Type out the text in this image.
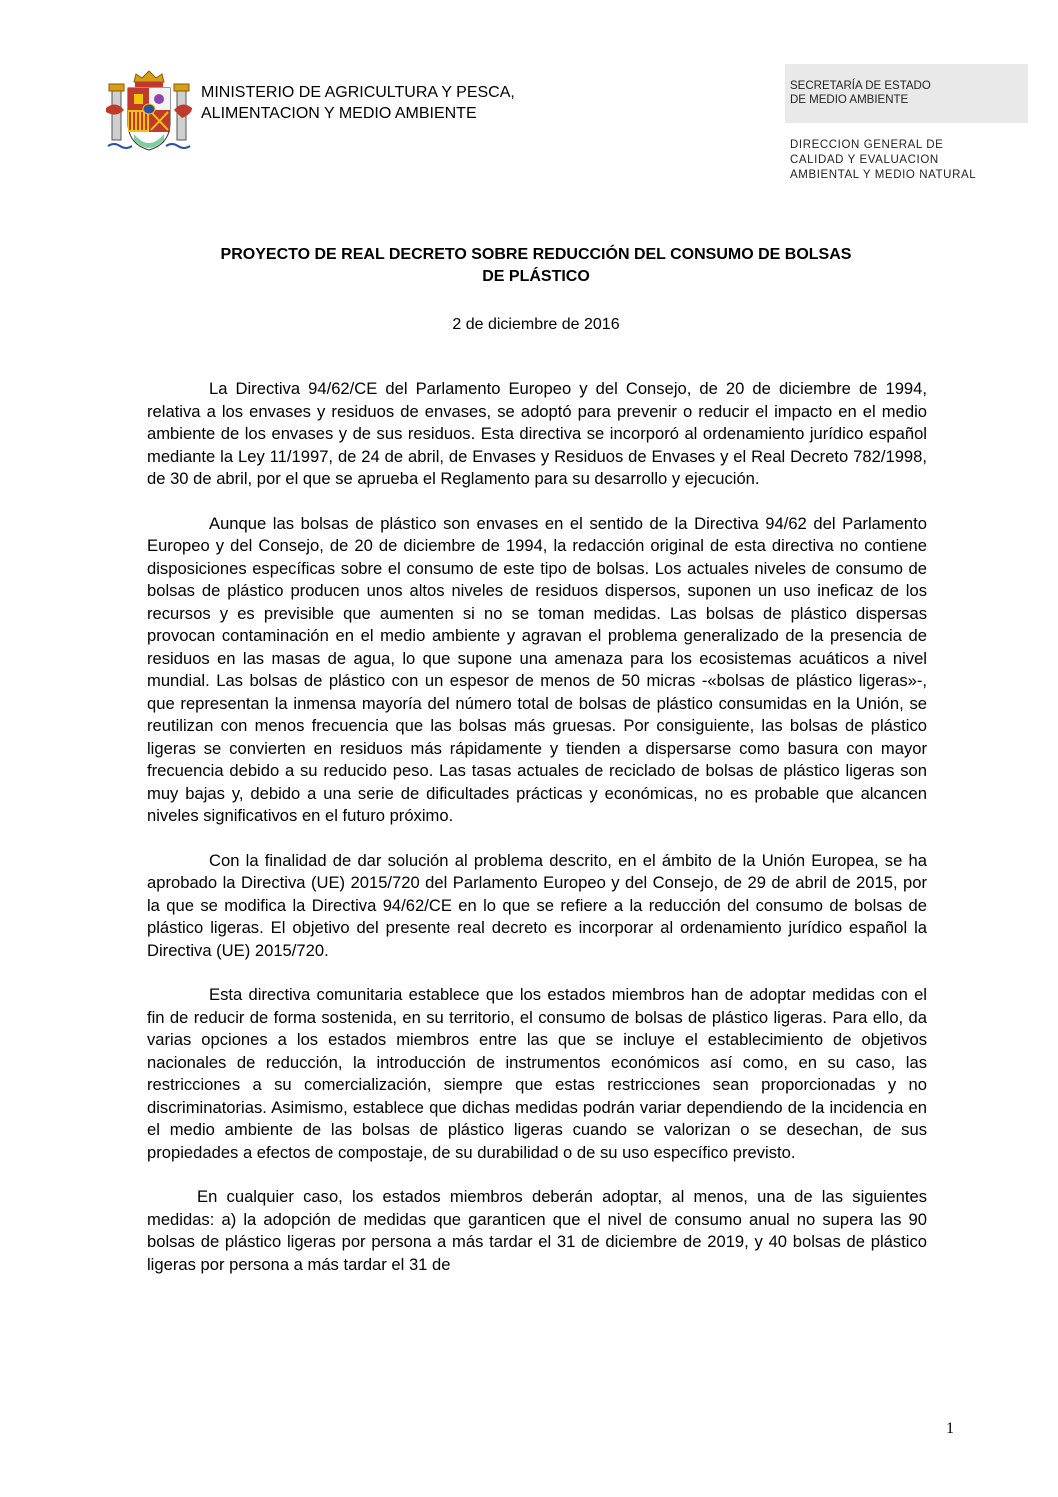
MINISTERIO DE AGRICULTURA Y PESCA,
ALIMENTACION Y MEDIO AMBIENTE
SECRETARÍA DE ESTADO
DE MEDIO AMBIENTE
DIRECCION GENERAL DE
CALIDAD Y EVALUACION
AMBIENTAL Y MEDIO NATURAL
PROYECTO DE REAL DECRETO SOBRE REDUCCIÓN DEL CONSUMO DE BOLSAS
DE PLÁSTICO
2 de diciembre de 2016

La Directiva 94/62/CE del Parlamento Europeo y del Consejo, de 20 de diciembre de 1994, relativa a los envases y residuos de envases, se adoptó para prevenir o reducir el impacto en el medio ambiente de los envases y de sus residuos. Esta directiva se incorporó al ordenamiento jurídico español mediante la Ley 11/1997, de 24 de abril, de Envases y Residuos de Envases y el Real Decreto 782/1998, de 30 de abril, por el que se aprueba el Reglamento para su desarrollo y ejecución.

Aunque las bolsas de plástico son envases en el sentido de la Directiva 94/62 del Parlamento Europeo y del Consejo, de 20 de diciembre de 1994, la redacción original de esta directiva no contiene disposiciones específicas sobre el consumo de este tipo de bolsas. Los actuales niveles de consumo de bolsas de plástico producen unos altos niveles de residuos dispersos, suponen un uso ineficaz de los recursos y es previsible que aumenten si no se toman medidas. Las bolsas de plástico dispersas provocan contaminación en el medio ambiente y agravan el problema generalizado de la presencia de residuos en las masas de agua, lo que supone una amenaza para los ecosistemas acuáticos a nivel mundial. Las bolsas de plástico con un espesor de menos de 50 micras -«bolsas de plástico ligeras»-, que representan la inmensa mayoría del número total de bolsas de plástico consumidas en la Unión, se reutilizan con menos frecuencia que las bolsas más gruesas. Por consiguiente, las bolsas de plástico ligeras se convierten en residuos más rápidamente y tienden a dispersarse como basura con mayor frecuencia debido a su reducido peso. Las tasas actuales de reciclado de bolsas de plástico ligeras son muy bajas y, debido a una serie de dificultades prácticas y económicas, no es probable que alcancen niveles significativos en el futuro próximo.

Con la finalidad de dar solución al problema descrito, en el ámbito de la Unión Europea, se ha aprobado la Directiva (UE) 2015/720 del Parlamento Europeo y del Consejo, de 29 de abril de 2015, por la que se modifica la Directiva 94/62/CE en lo que se refiere a la reducción del consumo de bolsas de plástico ligeras. El objetivo del presente real decreto es incorporar al ordenamiento jurídico español la Directiva (UE) 2015/720.

Esta directiva comunitaria establece que los estados miembros han de adoptar medidas con el fin de reducir de forma sostenida, en su territorio, el consumo de bolsas de plástico ligeras. Para ello, da varias opciones a los estados miembros entre las que se incluye el establecimiento de objetivos nacionales de reducción, la introducción de instrumentos económicos así como, en su caso, las restricciones a su comercialización, siempre que estas restricciones sean proporcionadas y no discriminatorias. Asimismo, establece que dichas medidas podrán variar dependiendo de la incidencia en el medio ambiente de las bolsas de plástico ligeras cuando se valorizan o se desechan, de sus propiedades a efectos de compostaje, de su durabilidad o de su uso específico previsto.

En cualquier caso, los estados miembros deberán adoptar, al menos, una de las siguientes medidas: a) la adopción de medidas que garanticen que el nivel de consumo anual no supera las 90 bolsas de plástico ligeras por persona a más tardar el 31 de diciembre de 2019, y 40 bolsas de plástico ligeras por persona a más tardar el 31 de

1
